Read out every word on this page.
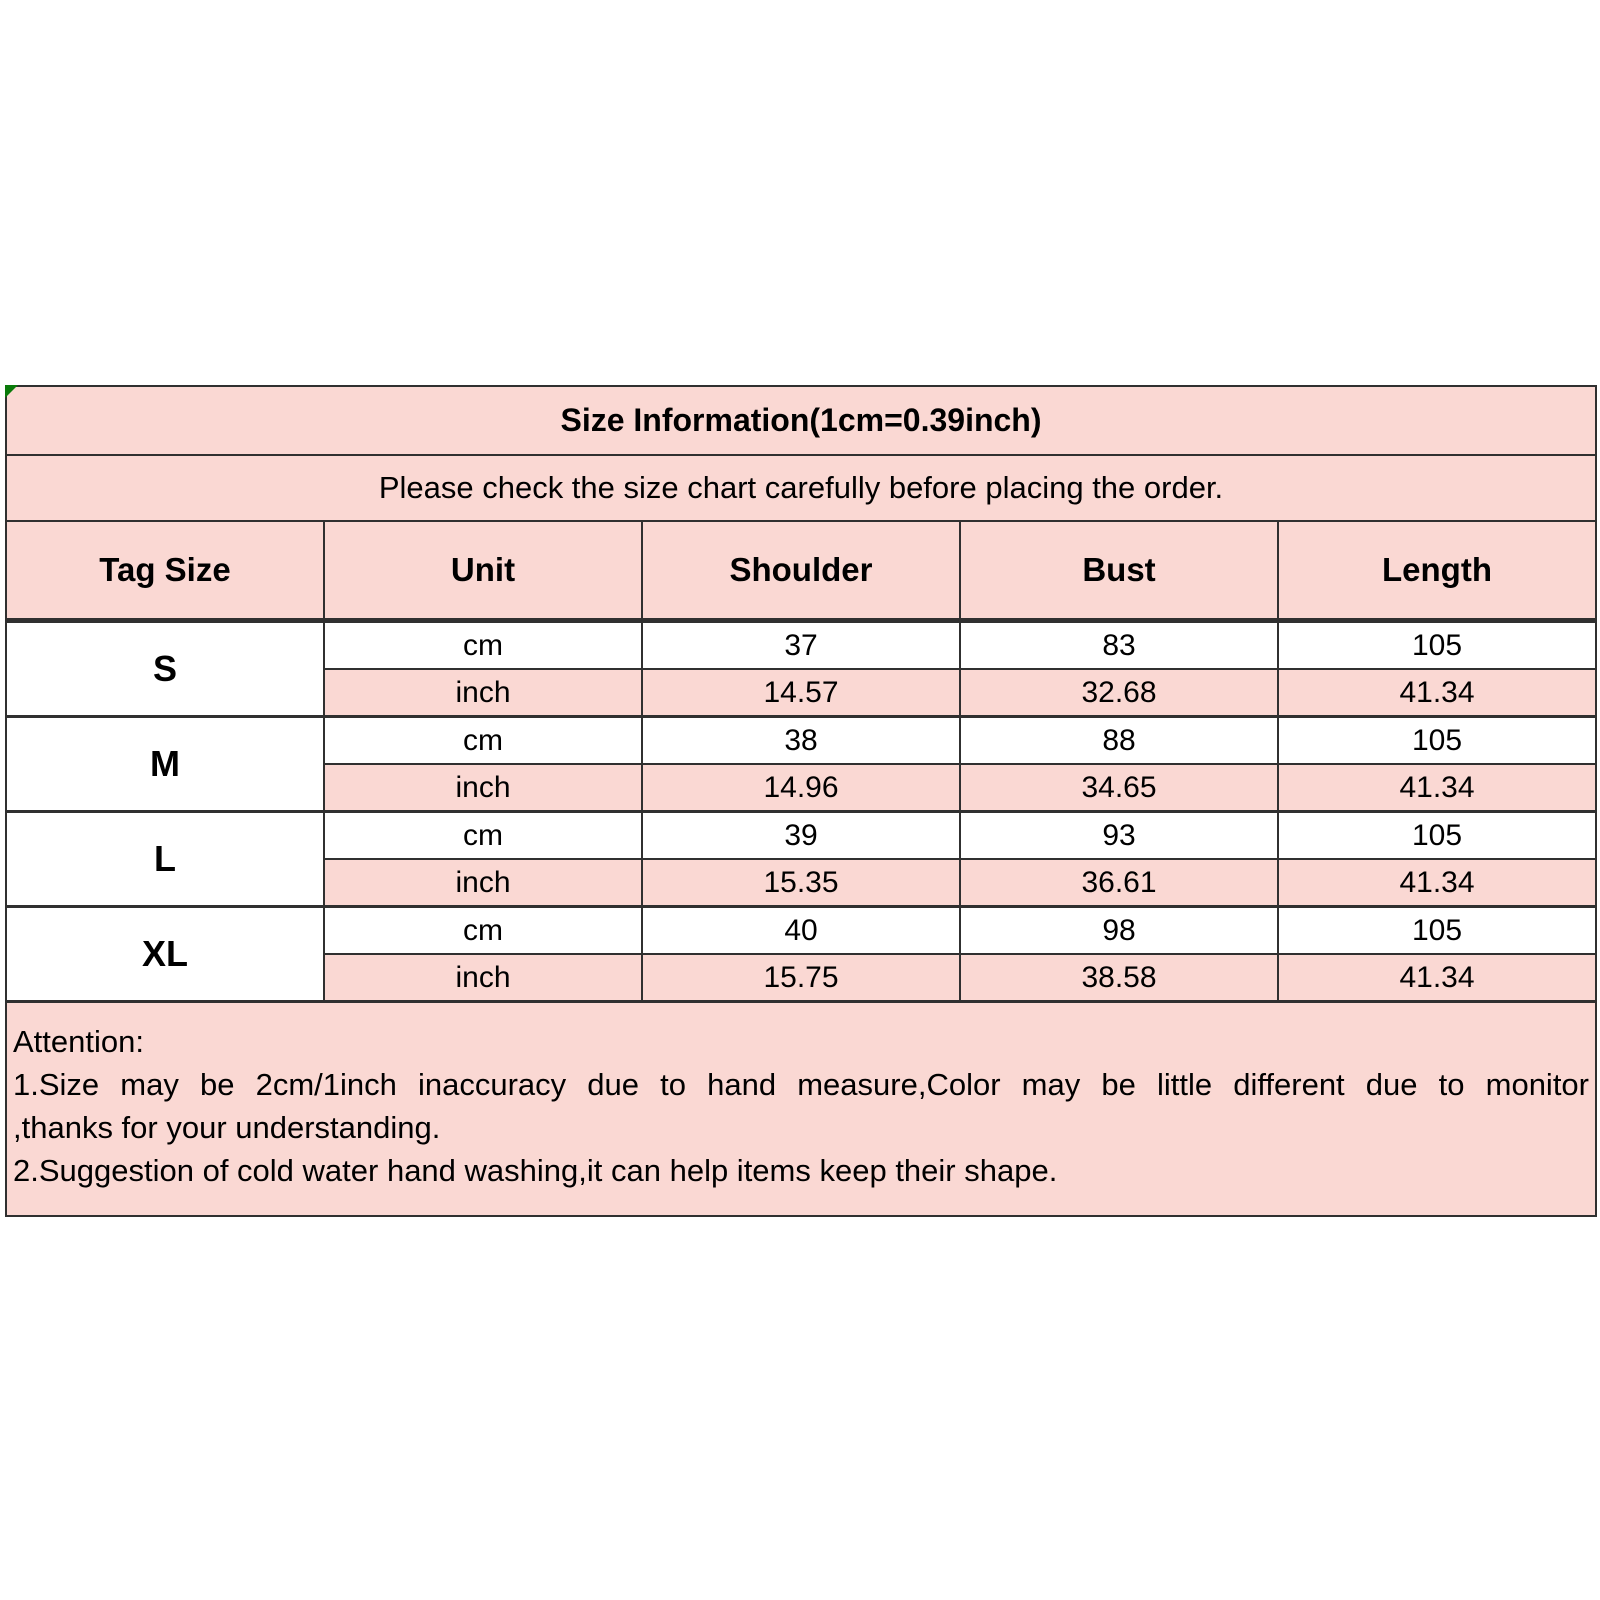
Size Information(1cm=0.39inch)				
Please check the size chart carefully before placing the order.				
Tag Size	Unit	Shoulder	Bust	Length
S	cm	37	83	105
	inch	14.57	32.68	41.34
M	cm	38	88	105
	inch	14.96	34.65	41.34
L	cm	39	93	105
	inch	15.35	36.61	41.34
XL	cm	40	98	105
	inch	15.75	38.58	41.34

Attention:
1.Size may be 2cm/1inch inaccuracy due to hand measure,Color may be little different due to monitor
,thanks for your understanding.
2.Suggestion of cold water hand washing,it can help items keep their shape.				
